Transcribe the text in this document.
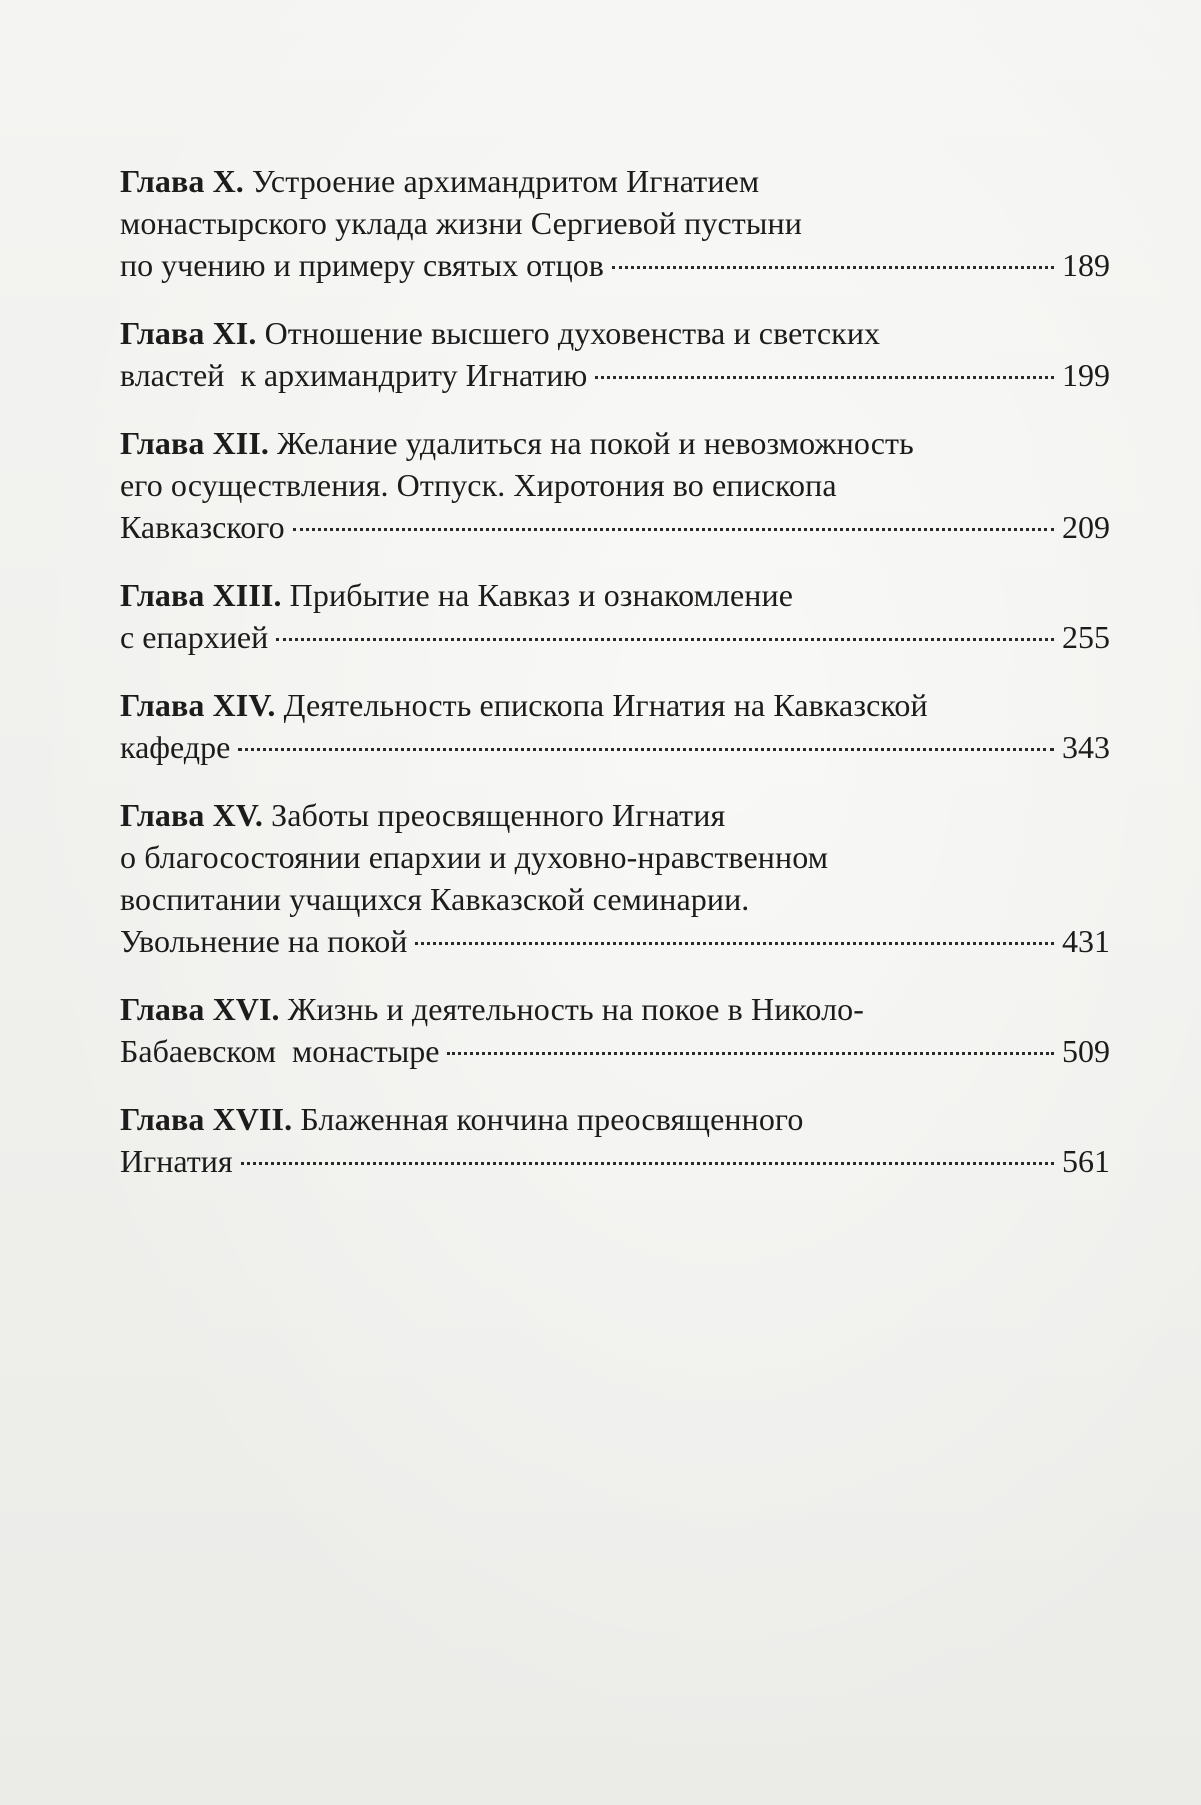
Глава X. Устроение архимандритом Игнатием
монастырского уклада жизни Сергиевой пустыни
по учению и примеру святых отцов	189
Глава XI. Отношение высшего духовенства и светских
властей  к архимандриту Игнатию	199
Глава XII. Желание удалиться на покой и невозможность
его осуществления. Отпуск. Хиротония во епископа
Кавказского	209
Глава XIII. Прибытие на Кавказ и ознакомление
с епархией	255
Глава XIV. Деятельность епископа Игнатия на Кавказской
кафедре	343
Глава XV. Заботы преосвященного Игнатия
о благосостоянии епархии и духовно-нравственном
воспитании учащихся Кавказской семинарии.
Увольнение на покой	431
Глава XVI. Жизнь и деятельность на покое в Николо-
Бабаевском  монастыре	509
Глава XVII. Блаженная кончина преосвященного
Игнатия	561
